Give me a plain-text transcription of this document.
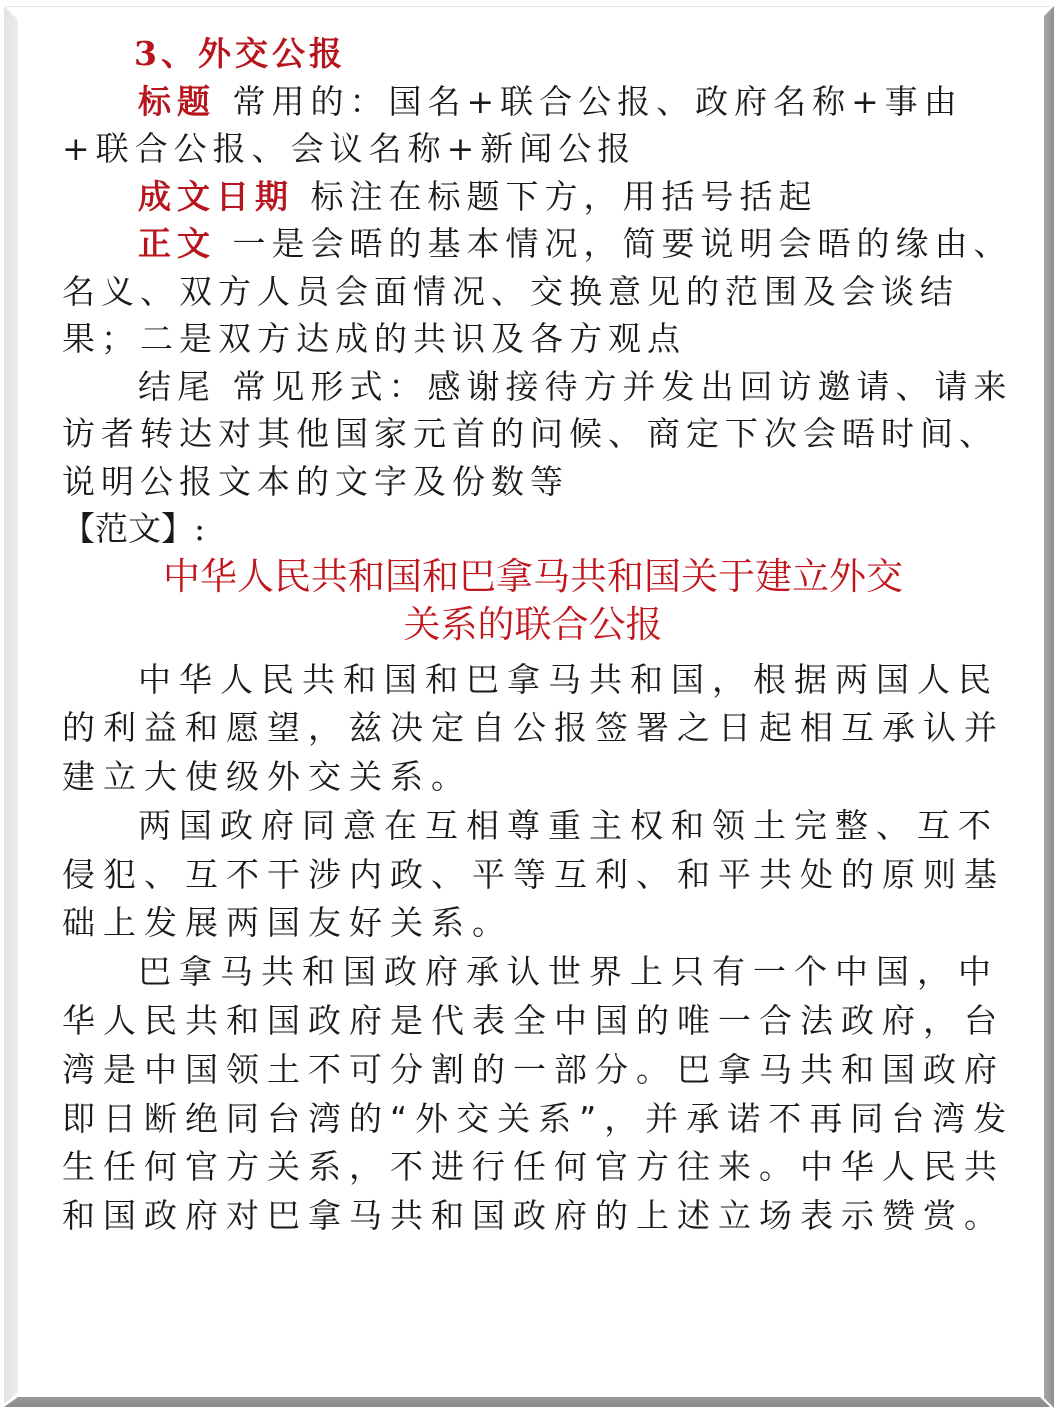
3、外交公报

标题 常用的：国名+联合公报、政府名称+事由+联合公报、会议名称+新闻公报

成文日期 标注在标题下方，用括号括起

正文 一是会晤的基本情况，简要说明会晤的缘由、名义、双方人员会面情况、交换意见的范围及会谈结果；二是双方达成的共识及各方观点

结尾 常见形式：感谢接待方并发出回访邀请、请来访者转达对其他国家元首的问候、商定下次会晤时间、说明公报文本的文字及份数等

【范文】:

中华人民共和国和巴拿马共和国关于建立外交
关系的联合公报

中华人民共和国和巴拿马共和国，根据两国人民的利益和愿望，兹决定自公报签署之日起相互承认并建立大使级外交关系。

两国政府同意在互相尊重主权和领土完整、互不侵犯、互不干涉内政、平等互利、和平共处的原则基础上发展两国友好关系。

巴拿马共和国政府承认世界上只有一个中国，中华人民共和国政府是代表全中国的唯一合法政府，台湾是中国领土不可分割的一部分。巴拿马共和国政府即日断绝同台湾的“外交关系”，并承诺不再同台湾发生任何官方关系，不进行任何官方往来。中华人民共和国政府对巴拿马共和国政府的上述立场表示赞赏。
